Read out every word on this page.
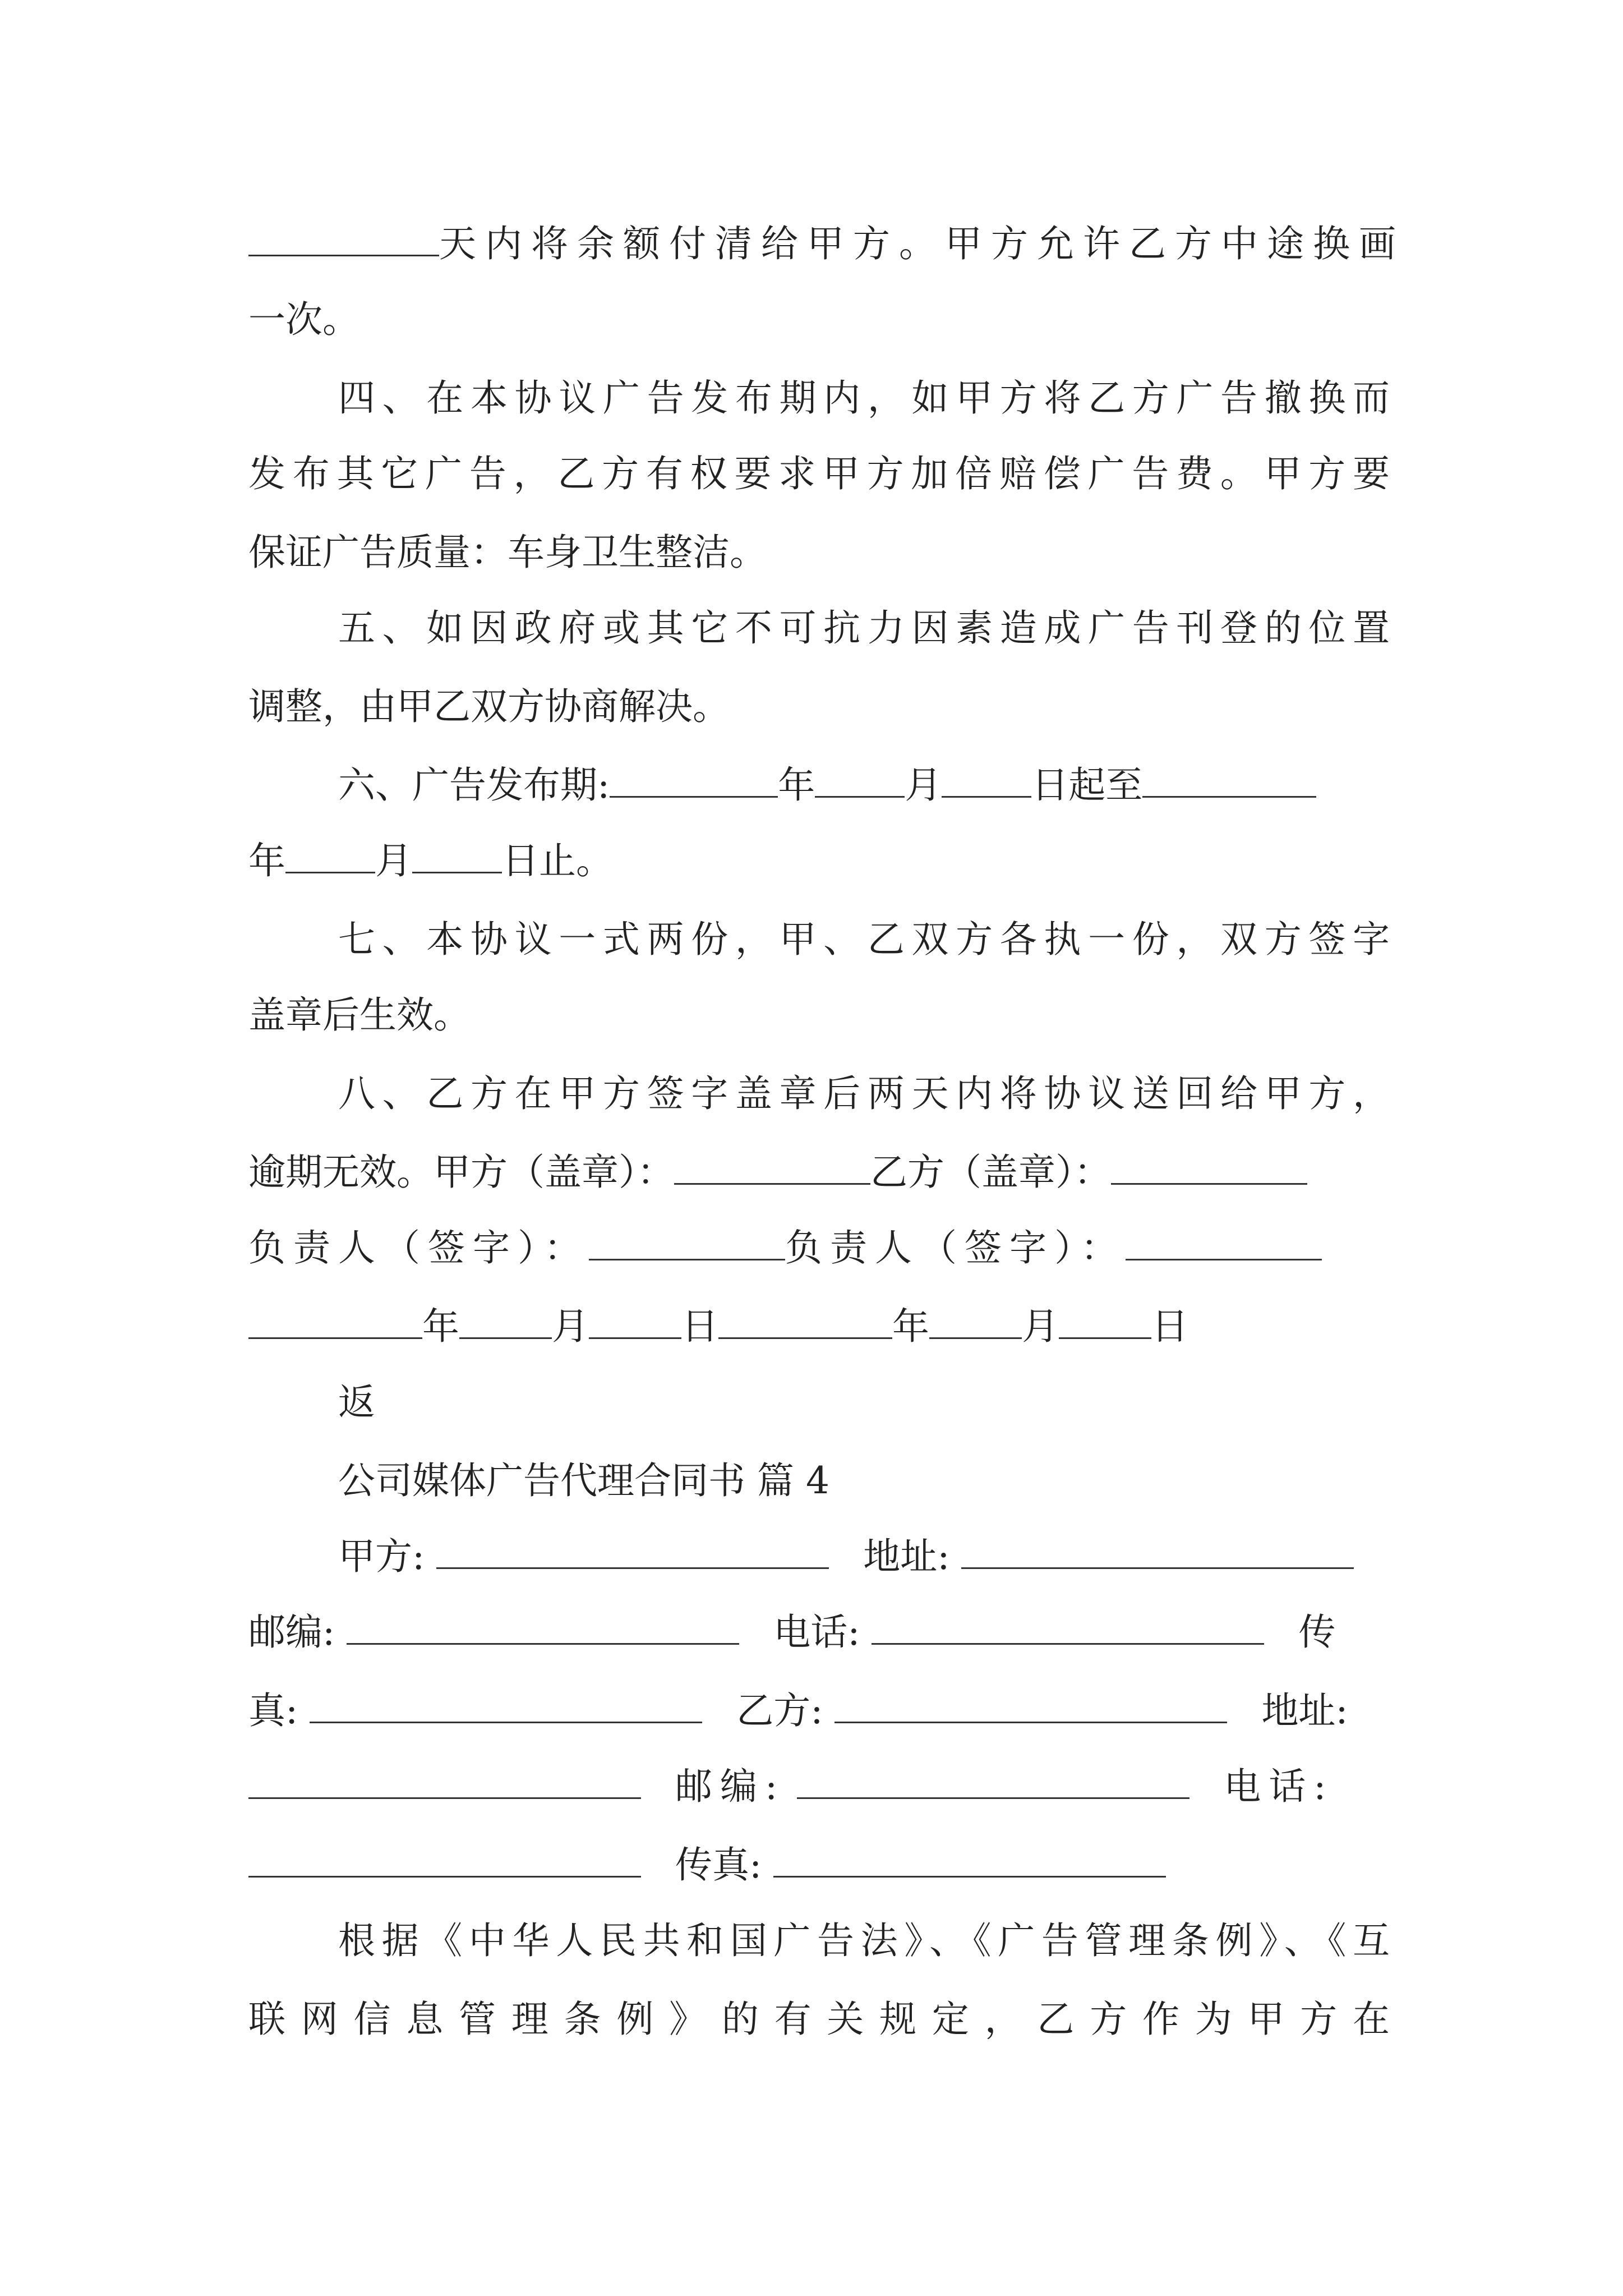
天内将余额付清给甲方。甲方允许乙方中途换画
一次。
四、在本协议广告发布期内，如甲方将乙方广告撤换而
发布其它广告，乙方有权要求甲方加倍赔偿广告费。甲方要
保证广告质量：车身卫生整洁。
五、如因政府或其它不可抗力因素造成广告刊登的位置
调整，由甲乙双方协商解决。
六、广告发布期:	年 月 日起至
年 月 日止。
七、本协议一式两份，甲、乙双方各执一份，双方签字
盖章后生效。
八、乙方在甲方签字盖章后两天内将协议送回给甲方，
逾期无效。甲方（盖章）：	乙方（盖章）：
负责人（签字）：	负责人（签字）：
年	月	日	年	月	日
返
公司媒体广告代理合同书 篇 4
甲方:	地址:
邮编:	电话:	传
真:	乙方:	地址:
邮编:	电话:
传真:
根据《中华人民共和国广告法》、《广告管理条例》、《互
联网信息管理条例》的有关规定，乙方作为甲方在
